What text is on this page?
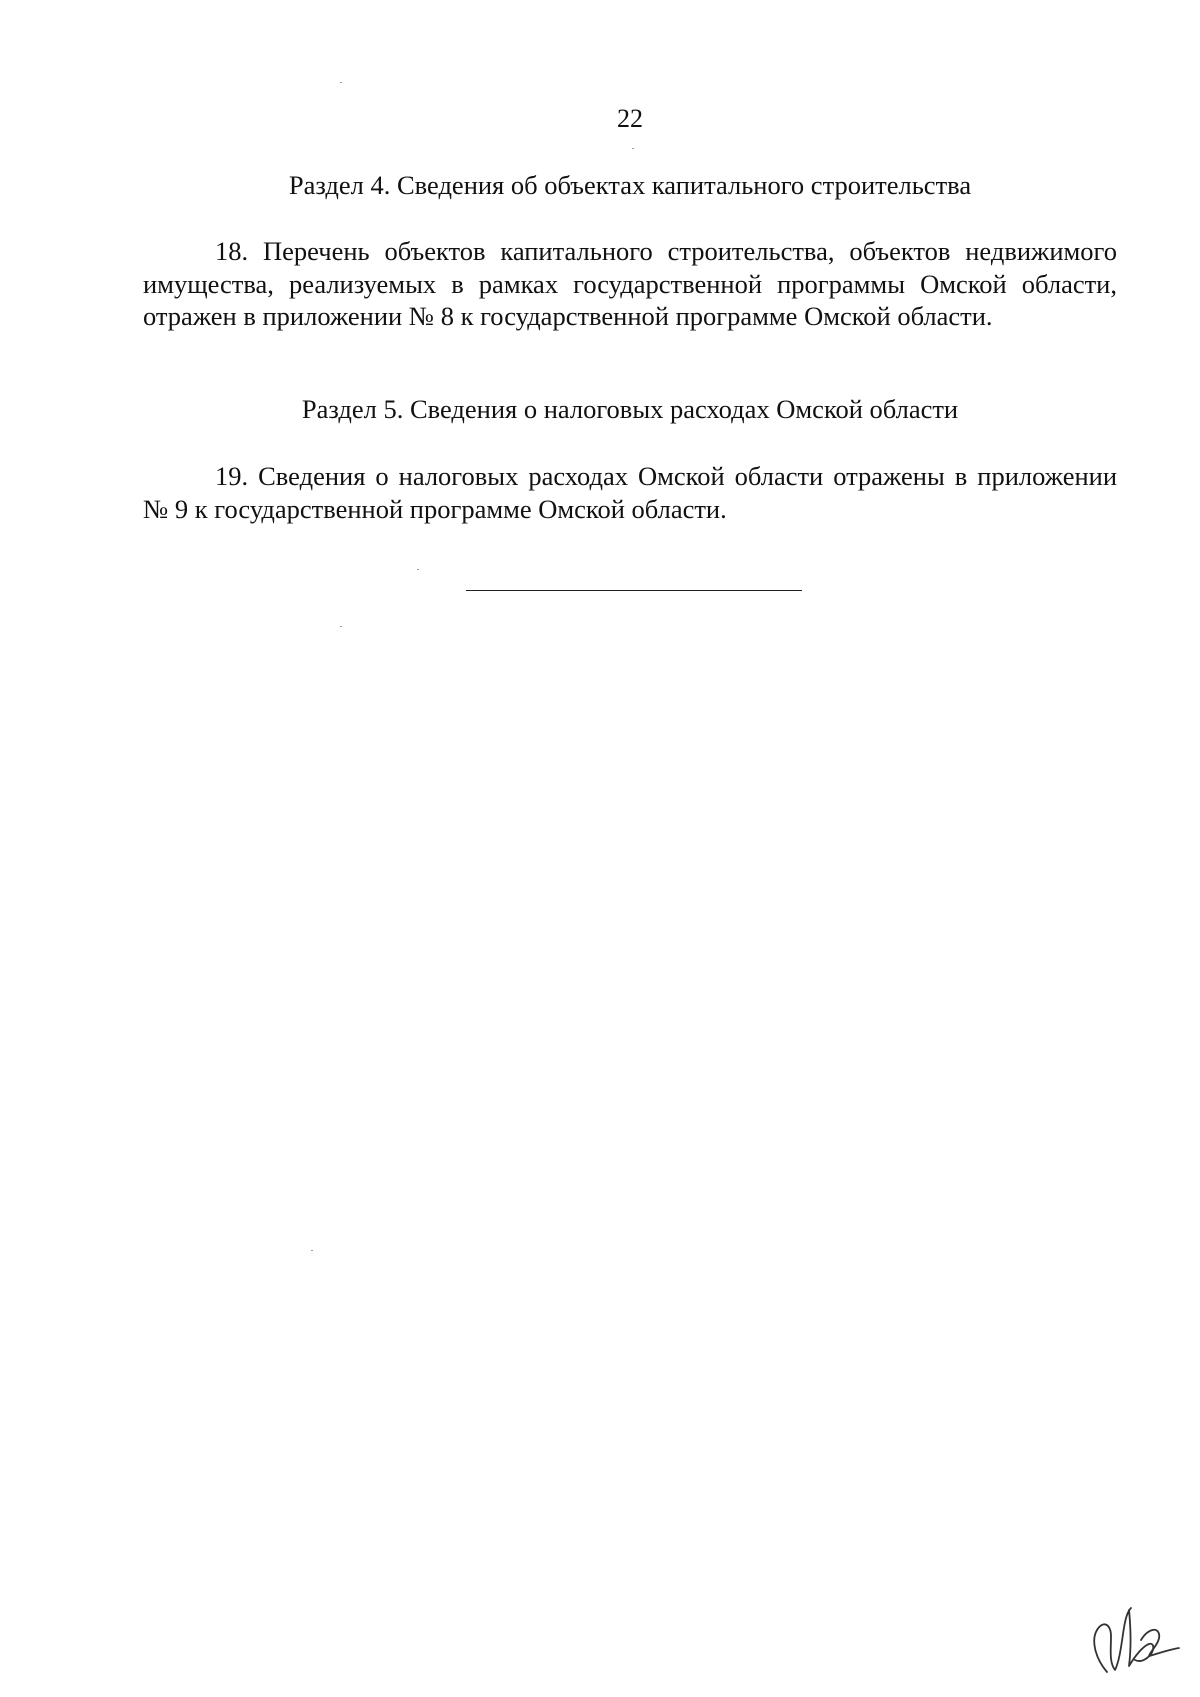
22
Раздел 4. Сведения об объектах капитального строительства

18. Перечень объектов капитального строительства, объектов недвижимого имущества, реализуемых в рамках государственной программы Омской области, отражен в приложении № 8 к государственной программе Омской области.

Раздел 5. Сведения о налоговых расходах Омской области

19. Сведения о налоговых расходах Омской области отражены в приложении № 9 к государственной программе Омской области.
